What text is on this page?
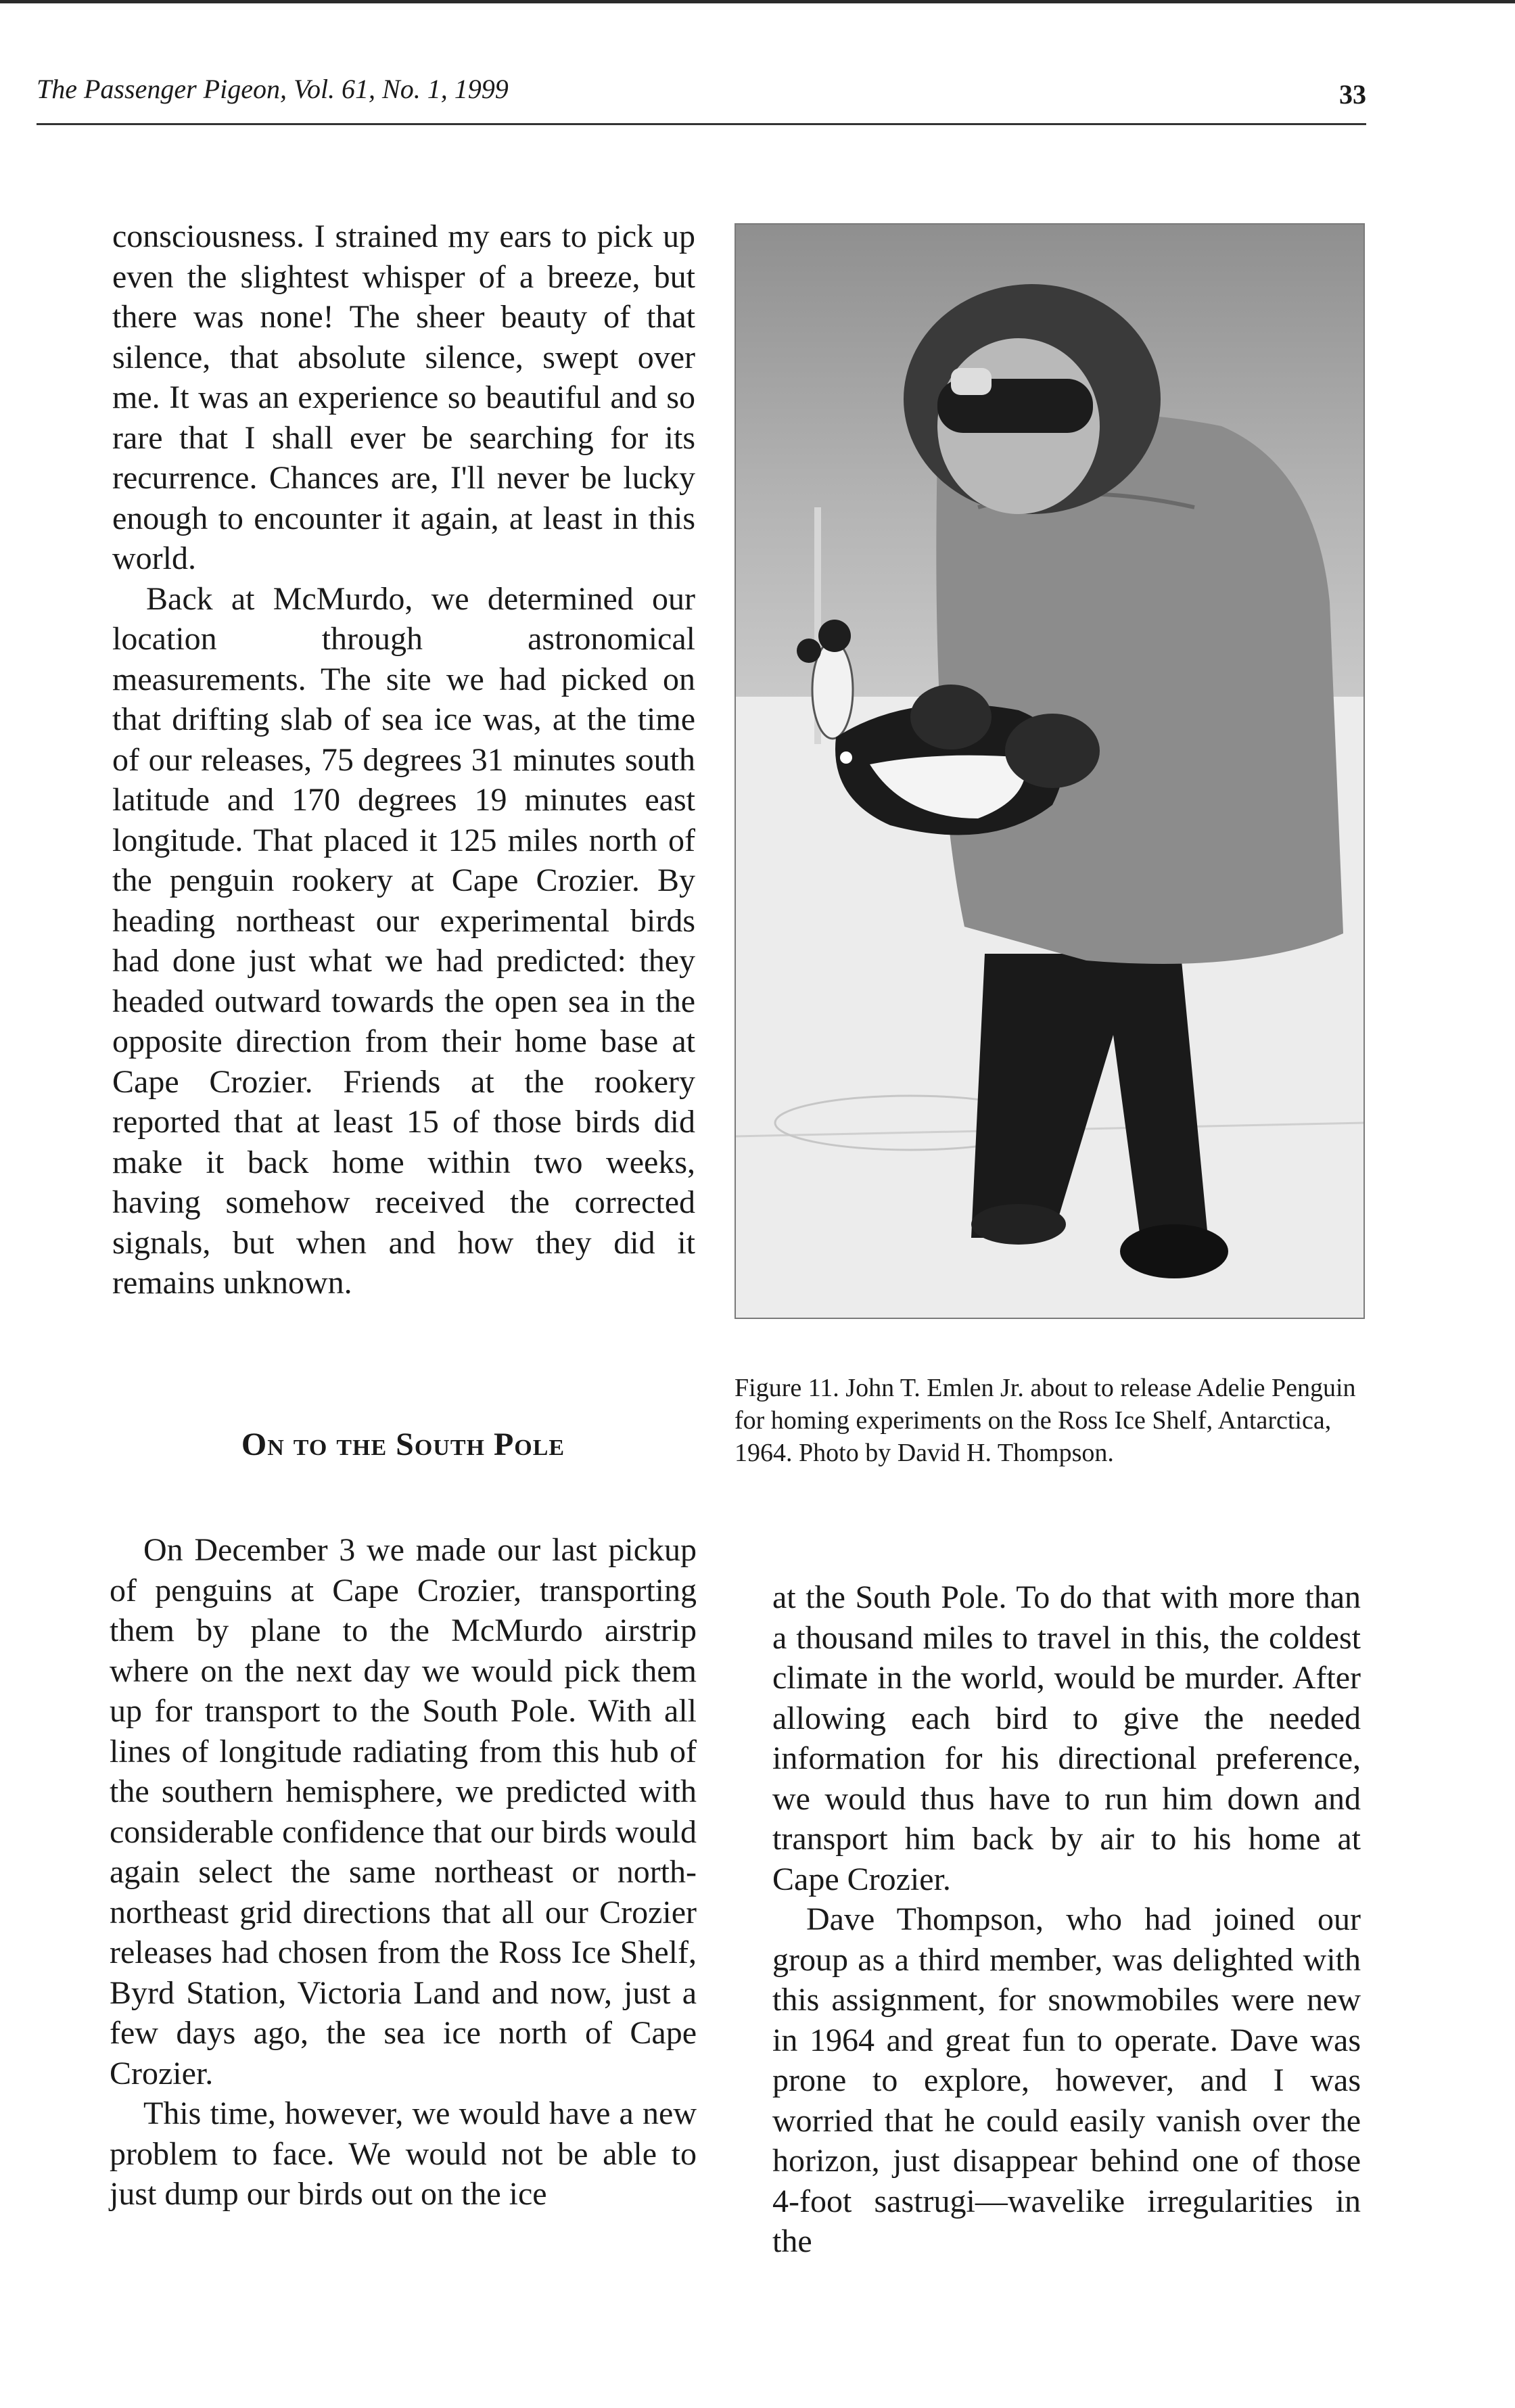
The Passenger Pigeon, Vol. 61, No. 1, 1999	33

consciousness. I strained my ears to pick up even the slightest whisper of a breeze, but there was none! The sheer beauty of that silence, that absolute silence, swept over me. It was an experience so beautiful and so rare that I shall ever be searching for its recurrence. Chances are, I'll never be lucky enough to encounter it again, at least in this world.

Back at McMurdo, we determined our location through astronomical measurements. The site we had picked on that drifting slab of sea ice was, at the time of our releases, 75 degrees 31 minutes south latitude and 170 degrees 19 minutes east longitude. That placed it 125 miles north of the penguin rookery at Cape Crozier. By heading northeast our experimental birds had done just what we had predicted: they headed outward towards the open sea in the opposite direction from their home base at Cape Crozier. Friends at the rookery reported that at least 15 of those birds did make it back home within two weeks, having somehow received the corrected signals, but when and how they did it remains unknown.

On to the South Pole

On December 3 we made our last pickup of penguins at Cape Crozier, transporting them by plane to the McMurdo airstrip where on the next day we would pick them up for transport to the South Pole. With all lines of longitude radiating from this hub of the southern hemisphere, we predicted with considerable confidence that our birds would again select the same northeast or north-northeast grid directions that all our Crozier releases had chosen from the Ross Ice Shelf, Byrd Station, Victoria Land and now, just a few days ago, the sea ice north of Cape Crozier.

This time, however, we would have a new problem to face. We would not be able to just dump our birds out on the ice

Figure 11. John T. Emlen Jr. about to release Adelie Penguin for homing experiments on the Ross Ice Shelf, Antarctica, 1964. Photo by David H. Thompson.

at the South Pole. To do that with more than a thousand miles to travel in this, the coldest climate in the world, would be murder. After allowing each bird to give the needed information for his directional preference, we would thus have to run him down and transport him back by air to his home at Cape Crozier.

Dave Thompson, who had joined our group as a third member, was delighted with this assignment, for snowmobiles were new in 1964 and great fun to operate. Dave was prone to explore, however, and I was worried that he could easily vanish over the horizon, just disappear behind one of those 4-foot sastrugi—wavelike irregularities in the
